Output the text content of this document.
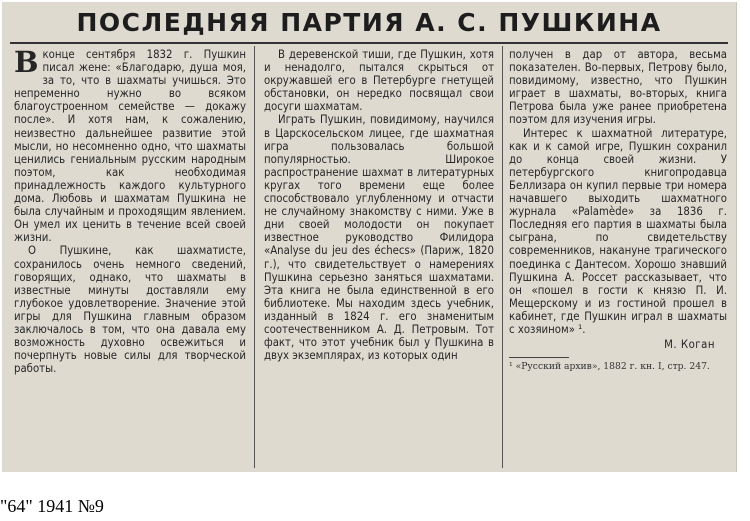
ПОСЛЕДНЯЯ ПАРТИЯ А. С. ПУШКИНА

В конце сентября 1832 г. Пушкин писал жене: «Благодарю, душа моя, за то, что в шахматы учишься. Это непременно нужно во всяком благоустроенном семействе — докажу после». И хотя нам, к сожалению, неизвестно дальнейшее развитие этой мысли, но несомненно одно, что шахматы ценились гениальным русским народным поэтом, как необходимая принадлежность каждого культурного дома. Любовь и шахматам Пушкина не была случайным и проходящим явлением. Он умел их ценить в течение всей своей жизни.

О Пушкине, как шахматисте, сохранилось очень немного сведений, говорящих, однако, что шахматы в известные минуты доставляли ему глубокое удовлетворение. Значение этой игры для Пушкина главным образом заключалось в том, что она давала ему возможность духовно освежиться и почерпнуть новые силы для творческой работы.

В деревенской тиши, где Пушкин, хотя и ненадолго, пытался скрыться от окружавшей его в Петербурге гнетущей обстановки, он нередко посвящал свои досуги шахматам.

Играть Пушкин, повидимому, научился в Царскосельском лицее, где шахматная игра пользовалась большой популярностью. Широкое распространение шахмат в литературных кругах того времени еще более способствовало углубленному и отчасти не случайному знакомству с ними. Уже в дни своей молодости он покупает известное руководство Филидора «Analyse du jeu des échecs» (Париж, 1820 г.), что свидетельствует о намерениях Пушкина серьезно заняться шахматами. Эта книга не была единственной в его библиотеке. Мы находим здесь учебник, изданный в 1824 г. его знаменитым соотечественником А. Д. Петровым. Тот факт, что этот учебник был у Пушкина в двух экземплярах, из которых один

получен в дар от автора, весьма показателен. Во-первых, Петрову было, повидимому, известно, что Пушкин играет в шахматы, во-вторых, книга Петрова была уже ранее приобретена поэтом для изучения игры.

Интерес к шахматной литературе, как и к самой игре, Пушкин сохранил до конца своей жизни. У петербургского книгопродавца Беллизара он купил первые три номера начавшего выходить шахматного журнала «Palamède» за 1836 г. Последняя его партия в шахматы была сыграна, по свидетельству современников, накануне трагического поединка с Дантесом. Хорошо знавший Пушкина А. Россет рассказывает, что он «пошел в гости к князю П. И. Мещерскому и из гостиной прошел в кабинет, где Пушкин играл в шахматы с хозяином» ¹.

М. Коган
¹ «Русский архив», 1882 г. кн. I, стр. 247.
"64" 1941 №9
